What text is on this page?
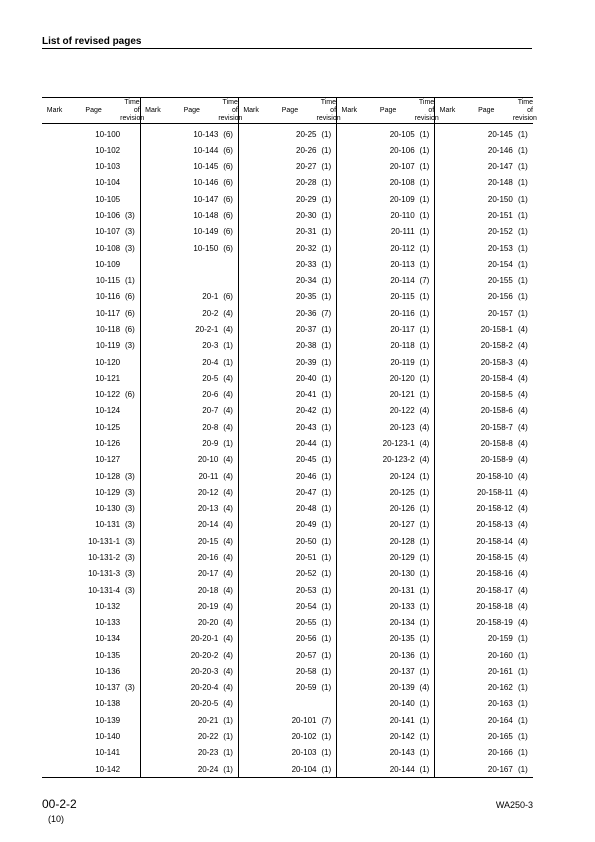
List of revised pages
Mark	Page	Time of revision	Mark	Page	Time of revision	Mark	Page	Time of revision	Mark	Page	Time of revision	Mark	Page	Time of revision
	10-100			10-143	(6)		20-25	(1)		20-105	(1)		20-145	(1)
	10-102			10-144	(6)		20-26	(1)		20-106	(1)		20-146	(1)
	10-103			10-145	(6)		20-27	(1)		20-107	(1)		20-147	(1)
	10-104			10-146	(6)		20-28	(1)		20-108	(1)		20-148	(1)
	10-105			10-147	(6)		20-29	(1)		20-109	(1)		20-150	(1)
	10-106	(3)		10-148	(6)		20-30	(1)		20-110	(1)		20-151	(1)
	10-107	(3)		10-149	(6)		20-31	(1)		20-111	(1)		20-152	(1)
	10-108	(3)		10-150	(6)		20-32	(1)		20-112	(1)		20-153	(1)
	10-109						20-33	(1)		20-113	(1)		20-154	(1)
	10-115	(1)					20-34	(1)		20-114	(7)		20-155	(1)
	10-116	(6)		20-1	(6)		20-35	(1)		20-115	(1)		20-156	(1)
	10-117	(6)		20-2	(4)		20-36	(7)		20-116	(1)		20-157	(1)
	10-118	(6)		20-2-1	(4)		20-37	(1)		20-117	(1)		20-158-1	(4)
	10-119	(3)		20-3	(1)		20-38	(1)		20-118	(1)		20-158-2	(4)
	10-120			20-4	(1)		20-39	(1)		20-119	(1)		20-158-3	(4)
	10-121			20-5	(4)		20-40	(1)		20-120	(1)		20-158-4	(4)
	10-122	(6)		20-6	(4)		20-41	(1)		20-121	(1)		20-158-5	(4)
	10-124			20-7	(4)		20-42	(1)		20-122	(4)		20-158-6	(4)
	10-125			20-8	(4)		20-43	(1)		20-123	(4)		20-158-7	(4)
	10-126			20-9	(1)		20-44	(1)		20-123-1	(4)		20-158-8	(4)
	10-127			20-10	(4)		20-45	(1)		20-123-2	(4)		20-158-9	(4)
	10-128	(3)		20-11	(4)		20-46	(1)		20-124	(1)		20-158-10	(4)
	10-129	(3)		20-12	(4)		20-47	(1)		20-125	(1)		20-158-11	(4)
	10-130	(3)		20-13	(4)		20-48	(1)		20-126	(1)		20-158-12	(4)
	10-131	(3)		20-14	(4)		20-49	(1)		20-127	(1)		20-158-13	(4)
	10-131-1	(3)		20-15	(4)		20-50	(1)		20-128	(1)		20-158-14	(4)
	10-131-2	(3)		20-16	(4)		20-51	(1)		20-129	(1)		20-158-15	(4)
	10-131-3	(3)		20-17	(4)		20-52	(1)		20-130	(1)		20-158-16	(4)
	10-131-4	(3)		20-18	(4)		20-53	(1)		20-131	(1)		20-158-17	(4)
	10-132			20-19	(4)		20-54	(1)		20-133	(1)		20-158-18	(4)
	10-133			20-20	(4)		20-55	(1)		20-134	(1)		20-158-19	(4)
	10-134			20-20-1	(4)		20-56	(1)		20-135	(1)		20-159	(1)
	10-135			20-20-2	(4)		20-57	(1)		20-136	(1)		20-160	(1)
	10-136			20-20-3	(4)		20-58	(1)		20-137	(1)		20-161	(1)
	10-137	(3)		20-20-4	(4)		20-59	(1)		20-139	(4)		20-162	(1)
	10-138			20-20-5	(4)					20-140	(1)		20-163	(1)
	10-139			20-21	(1)		20-101	(7)		20-141	(1)		20-164	(1)
	10-140			20-22	(1)		20-102	(1)		20-142	(1)		20-165	(1)
	10-141			20-23	(1)		20-103	(1)		20-143	(1)		20-166	(1)
	10-142			20-24	(1)		20-104	(1)		20-144	(1)		20-167	(1)
00-2-2
(10)
WA250-3
